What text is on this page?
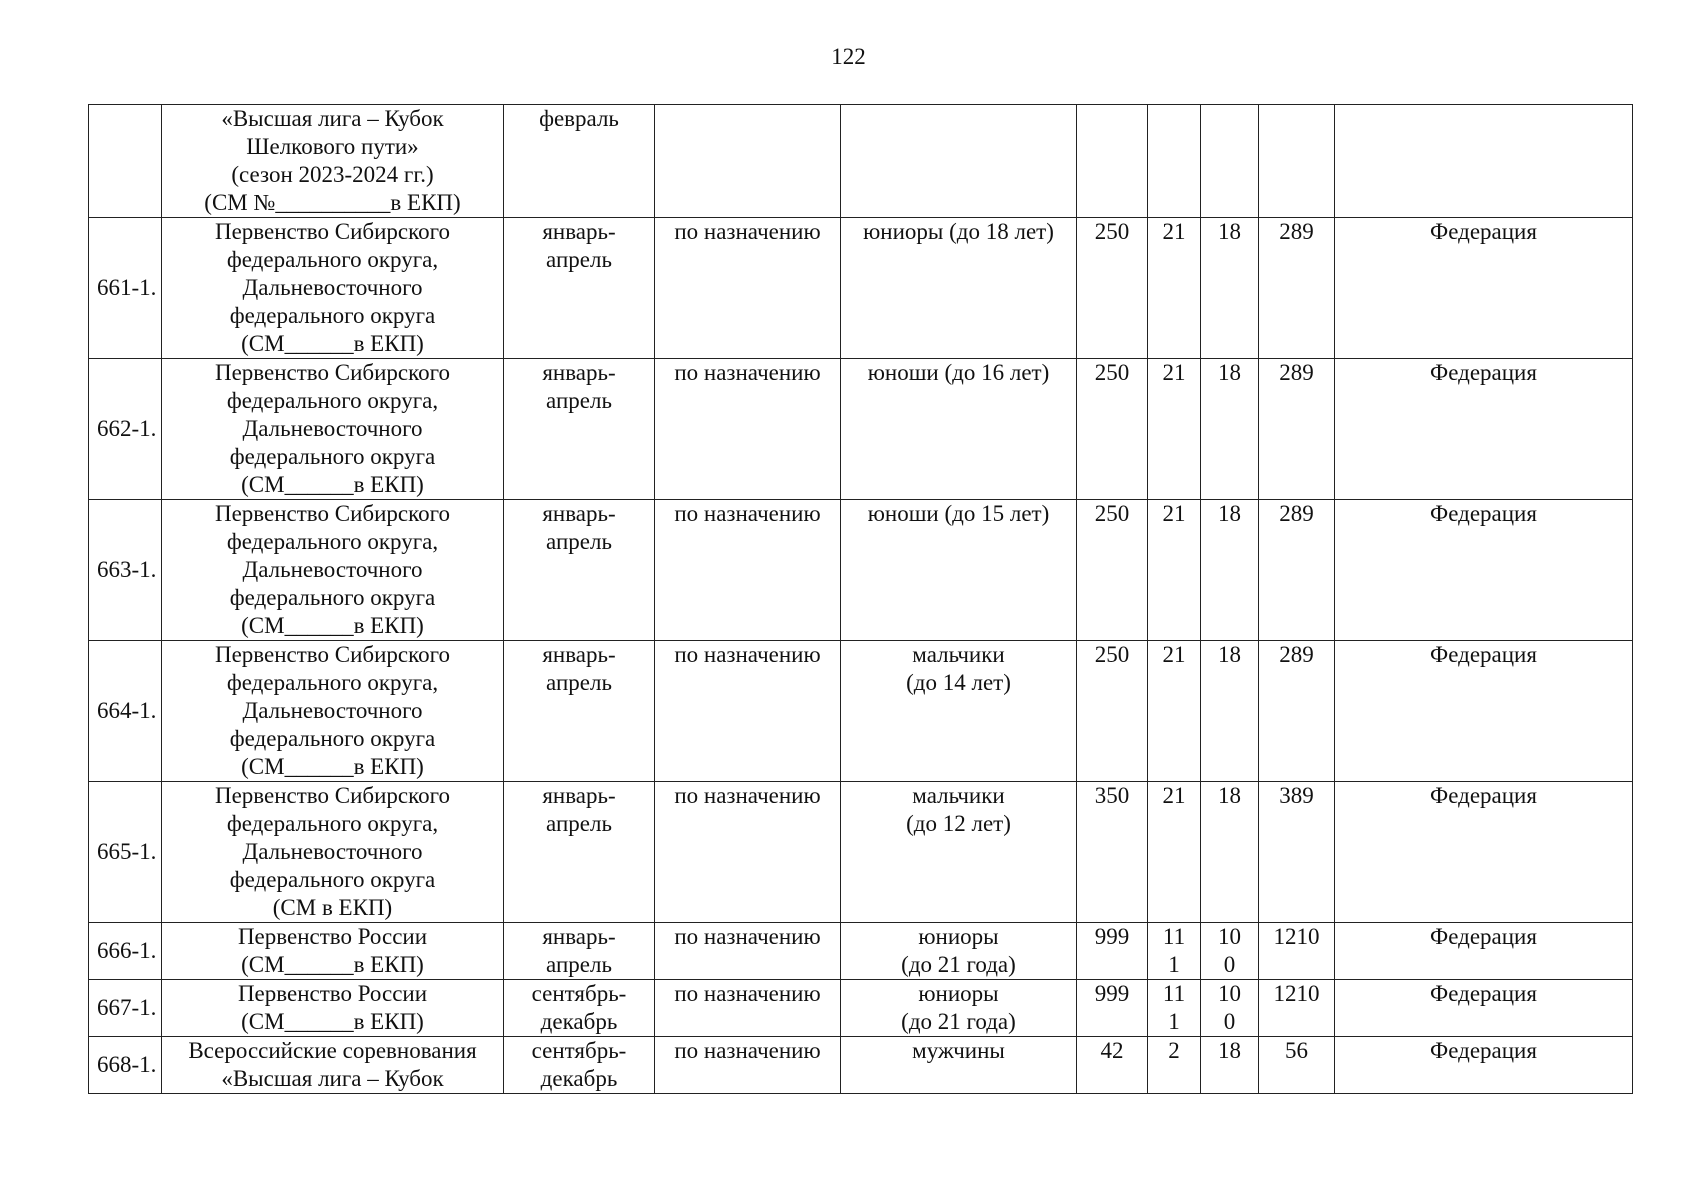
122
	«Высшая лига – Кубок
Шелкового пути»
(сезон 2023-2024 гг.)
(СМ №__________в ЕКП)	февраль							
661-1.	Первенство Сибирского
федерального округа,
Дальневосточного
федерального округа
(СМ______в ЕКП)	январь-
апрель	по назначению	юниоры (до 18 лет)	250	21	18	289	Федерация
662-1.	Первенство Сибирского
федерального округа,
Дальневосточного
федерального округа
(СМ______в ЕКП)	январь-
апрель	по назначению	юноши (до 16 лет)	250	21	18	289	Федерация
663-1.	Первенство Сибирского
федерального округа,
Дальневосточного
федерального округа
(СМ______в ЕКП)	январь-
апрель	по назначению	юноши (до 15 лет)	250	21	18	289	Федерация
664-1.	Первенство Сибирского
федерального округа,
Дальневосточного
федерального округа
(СМ______в ЕКП)	январь-
апрель	по назначению	мальчики
(до 14 лет)	250	21	18	289	Федерация
665-1.	Первенство Сибирского
федерального округа,
Дальневосточного
федерального округа
(СМ в ЕКП)	январь-
апрель	по назначению	мальчики
(до 12 лет)	350	21	18	389	Федерация
666-1.	Первенство России
(СМ______в ЕКП)	январь-
апрель	по назначению	юниоры
(до 21 года)	999	11
1	10
0	1210	Федерация
667-1.	Первенство России
(СМ______в ЕКП)	сентябрь-
декабрь	по назначению	юниоры
(до 21 года)	999	11
1	10
0	1210	Федерация
668-1.	Всероссийские соревнования
«Высшая лига – Кубок	сентябрь-
декабрь	по назначению	мужчины	42	2	18	56	Федерация
